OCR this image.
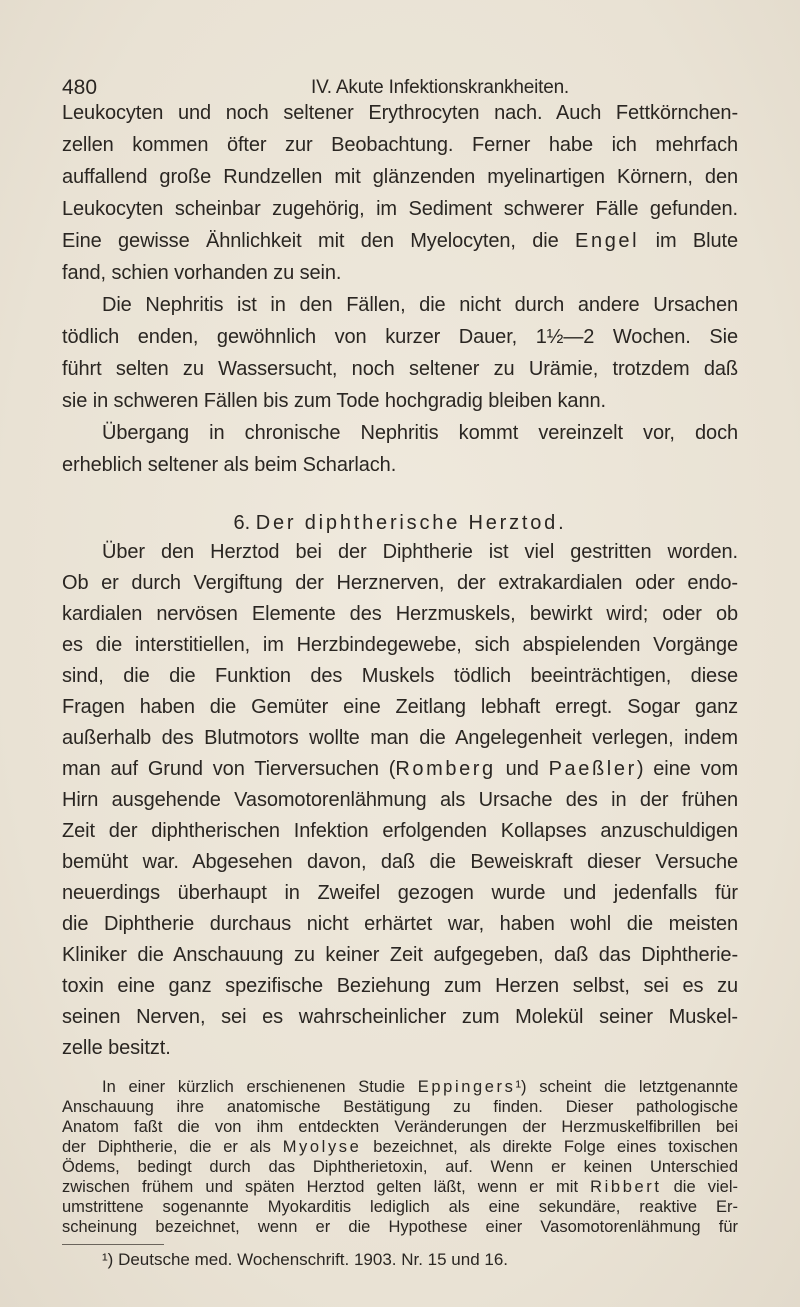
480	IV. Akute Infektionskrankheiten.
Leukocyten und noch seltener Erythrocyten nach. Auch Fettkörnchen-
zellen kommen öfter zur Beobachtung. Ferner habe ich mehrfach
auffallend große Rundzellen mit glänzenden myelinartigen Körnern, den
Leukocyten scheinbar zugehörig, im Sediment schwerer Fälle gefunden.
Eine gewisse Ähnlichkeit mit den Myelocyten, die Engel im Blute
fand, schien vorhanden zu sein.
Die Nephritis ist in den Fällen, die nicht durch andere Ursachen
tödlich enden, gewöhnlich von kurzer Dauer, 1½—2 Wochen. Sie
führt selten zu Wassersucht, noch seltener zu Urämie, trotzdem daß
sie in schweren Fällen bis zum Tode hochgradig bleiben kann.
Übergang in chronische Nephritis kommt vereinzelt vor, doch
erheblich seltener als beim Scharlach.
Über den Herztod bei der Diphtherie ist viel gestritten worden.
Ob er durch Vergiftung der Herznerven, der extrakardialen oder endo-
kardialen nervösen Elemente des Herzmuskels, bewirkt wird; oder ob
es die interstitiellen, im Herzbindegewebe, sich abspielenden Vorgänge
sind, die die Funktion des Muskels tödlich beeinträchtigen, diese
Fragen haben die Gemüter eine Zeitlang lebhaft erregt. Sogar ganz
außerhalb des Blutmotors wollte man die Angelegenheit verlegen, indem
man auf Grund von Tierversuchen (Romberg und Paeßler) eine vom
Hirn ausgehende Vasomotorenlähmung als Ursache des in der frühen
Zeit der diphtherischen Infektion erfolgenden Kollapses anzuschuldigen
bemüht war. Abgesehen davon, daß die Beweiskraft dieser Versuche
neuerdings überhaupt in Zweifel gezogen wurde und jedenfalls für
die Diphtherie durchaus nicht erhärtet war, haben wohl die meisten
Kliniker die Anschauung zu keiner Zeit aufgegeben, daß das Diphtherie-
toxin eine ganz spezifische Beziehung zum Herzen selbst, sei es zu
seinen Nerven, sei es wahrscheinlicher zum Molekül seiner Muskel-
zelle besitzt.
6. Der diphtherische Herztod.
In einer kürzlich erschienenen Studie Eppingers¹) scheint die letztgenannte
Anschauung ihre anatomische Bestätigung zu finden. Dieser pathologische
Anatom faßt die von ihm entdeckten Veränderungen der Herzmuskelfibrillen bei
der Diphtherie, die er als Myolyse bezeichnet, als direkte Folge eines toxischen
Ödems, bedingt durch das Diphtherietoxin, auf. Wenn er keinen Unterschied
zwischen frühem und späten Herztod gelten läßt, wenn er mit Ribbert die viel-
umstrittene sogenannte Myokarditis lediglich als eine sekundäre, reaktive Er-
scheinung bezeichnet, wenn er die Hypothese einer Vasomotorenlähmung für
¹) Deutsche med. Wochenschrift. 1903. Nr. 15 und 16.
